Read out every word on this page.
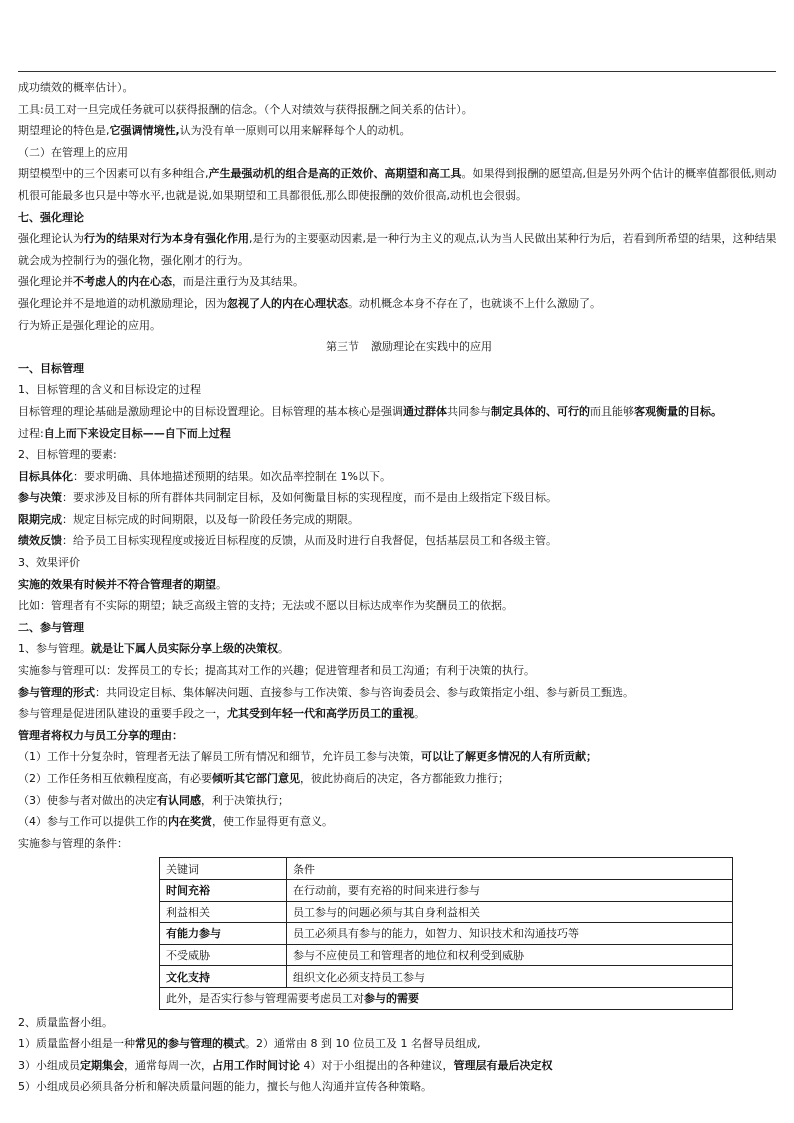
成功绩效的概率估计）。
工具:员工对一旦完成任务就可以获得报酬的信念。（个人对绩效与获得报酬之间关系的估计）。
期望理论的特色是,它强调情境性,认为没有单一原则可以用来解释每个人的动机。
（二）在管理上的应用
期望模型中的三个因素可以有多种组合,产生最强动机的组合是高的正效价、高期望和高工具。如果得到报酬的愿望高,但是另外两个估计的概率值都很低,则动机很可能最多也只是中等水平,也就是说,如果期望和工具都很低,那么即使报酬的效价很高,动机也会很弱。
七、强化理论
强化理论认为行为的结果对行为本身有强化作用,是行为的主要驱动因素,是一种行为主义的观点,认为当人民做出某种行为后，若看到所希望的结果，这种结果就会成为控制行为的强化物，强化刚才的行为。
强化理论并不考虑人的内在心态，而是注重行为及其结果。
强化理论并不是地道的动机激励理论，因为忽视了人的内在心理状态。动机概念本身不存在了，也就谈不上什么激励了。
行为矫正是强化理论的应用。
第三节 激励理论在实践中的应用
一、目标管理
1、目标管理的含义和目标设定的过程
目标管理的理论基础是激励理论中的目标设置理论。目标管理的基本核心是强调通过群体共同参与制定具体的、可行的而且能够客观衡量的目标。
过程:自上而下来设定目标——自下而上过程
2、目标管理的要素:
目标具体化：要求明确、具体地描述预期的结果。如次品率控制在 1%以下。
参与决策：要求涉及目标的所有群体共同制定目标，及如何衡量目标的实现程度，而不是由上级指定下级目标。
限期完成：规定目标完成的时间期限，以及每一阶段任务完成的期限。
绩效反馈：给予员工目标实现程度或接近目标程度的反馈，从而及时进行自我督促，包括基层员工和各级主管。
3、效果评价
实施的效果有时候并不符合管理者的期望。
比如：管理者有不实际的期望；缺乏高级主管的支持；无法或不愿以目标达成率作为奖酬员工的依据。
二、参与管理
1、参与管理。就是让下属人员实际分享上级的决策权。
实施参与管理可以：发挥员工的专长；提高其对工作的兴趣；促进管理者和员工沟通；有利于决策的执行。
参与管理的形式：共同设定目标、集体解决问题、直接参与工作决策、参与咨询委员会、参与政策指定小组、参与新员工甄选。
参与管理是促进团队建设的重要手段之一，尤其受到年轻一代和高学历员工的重视。
管理者将权力与员工分享的理由：
（1）工作十分复杂时，管理者无法了解员工所有情况和细节，允许员工参与决策，可以让了解更多情况的人有所贡献；
（2）工作任务相互依赖程度高，有必要倾听其它部门意见，彼此协商后的决定，各方都能致力推行；
（3）使参与者对做出的决定有认同感，利于决策执行；
（4）参与工作可以提供工作的内在奖赏，使工作显得更有意义。
实施参与管理的条件：
关键词	条件
时间充裕	在行动前，要有充裕的时间来进行参与
利益相关	员工参与的问题必须与其自身利益相关
有能力参与	员工必须具有参与的能力，如智力、知识技术和沟通技巧等
不受威胁	参与不应使员工和管理者的地位和权利受到威胁
文化支持	组织文化必须支持员工参与
此外，是否实行参与管理需要考虑员工对参与的需要	
2、质量监督小组。
1）质量监督小组是一种常见的参与管理的模式。2）通常由 8 到 10 位员工及 1 名督导员组成,
3）小组成员定期集会，通常每周一次，占用工作时间讨论 4）对于小组提出的各种建议，管理层有最后决定权
5）小组成员必须具备分析和解决质量问题的能力，擅长与他人沟通并宣传各种策略。
